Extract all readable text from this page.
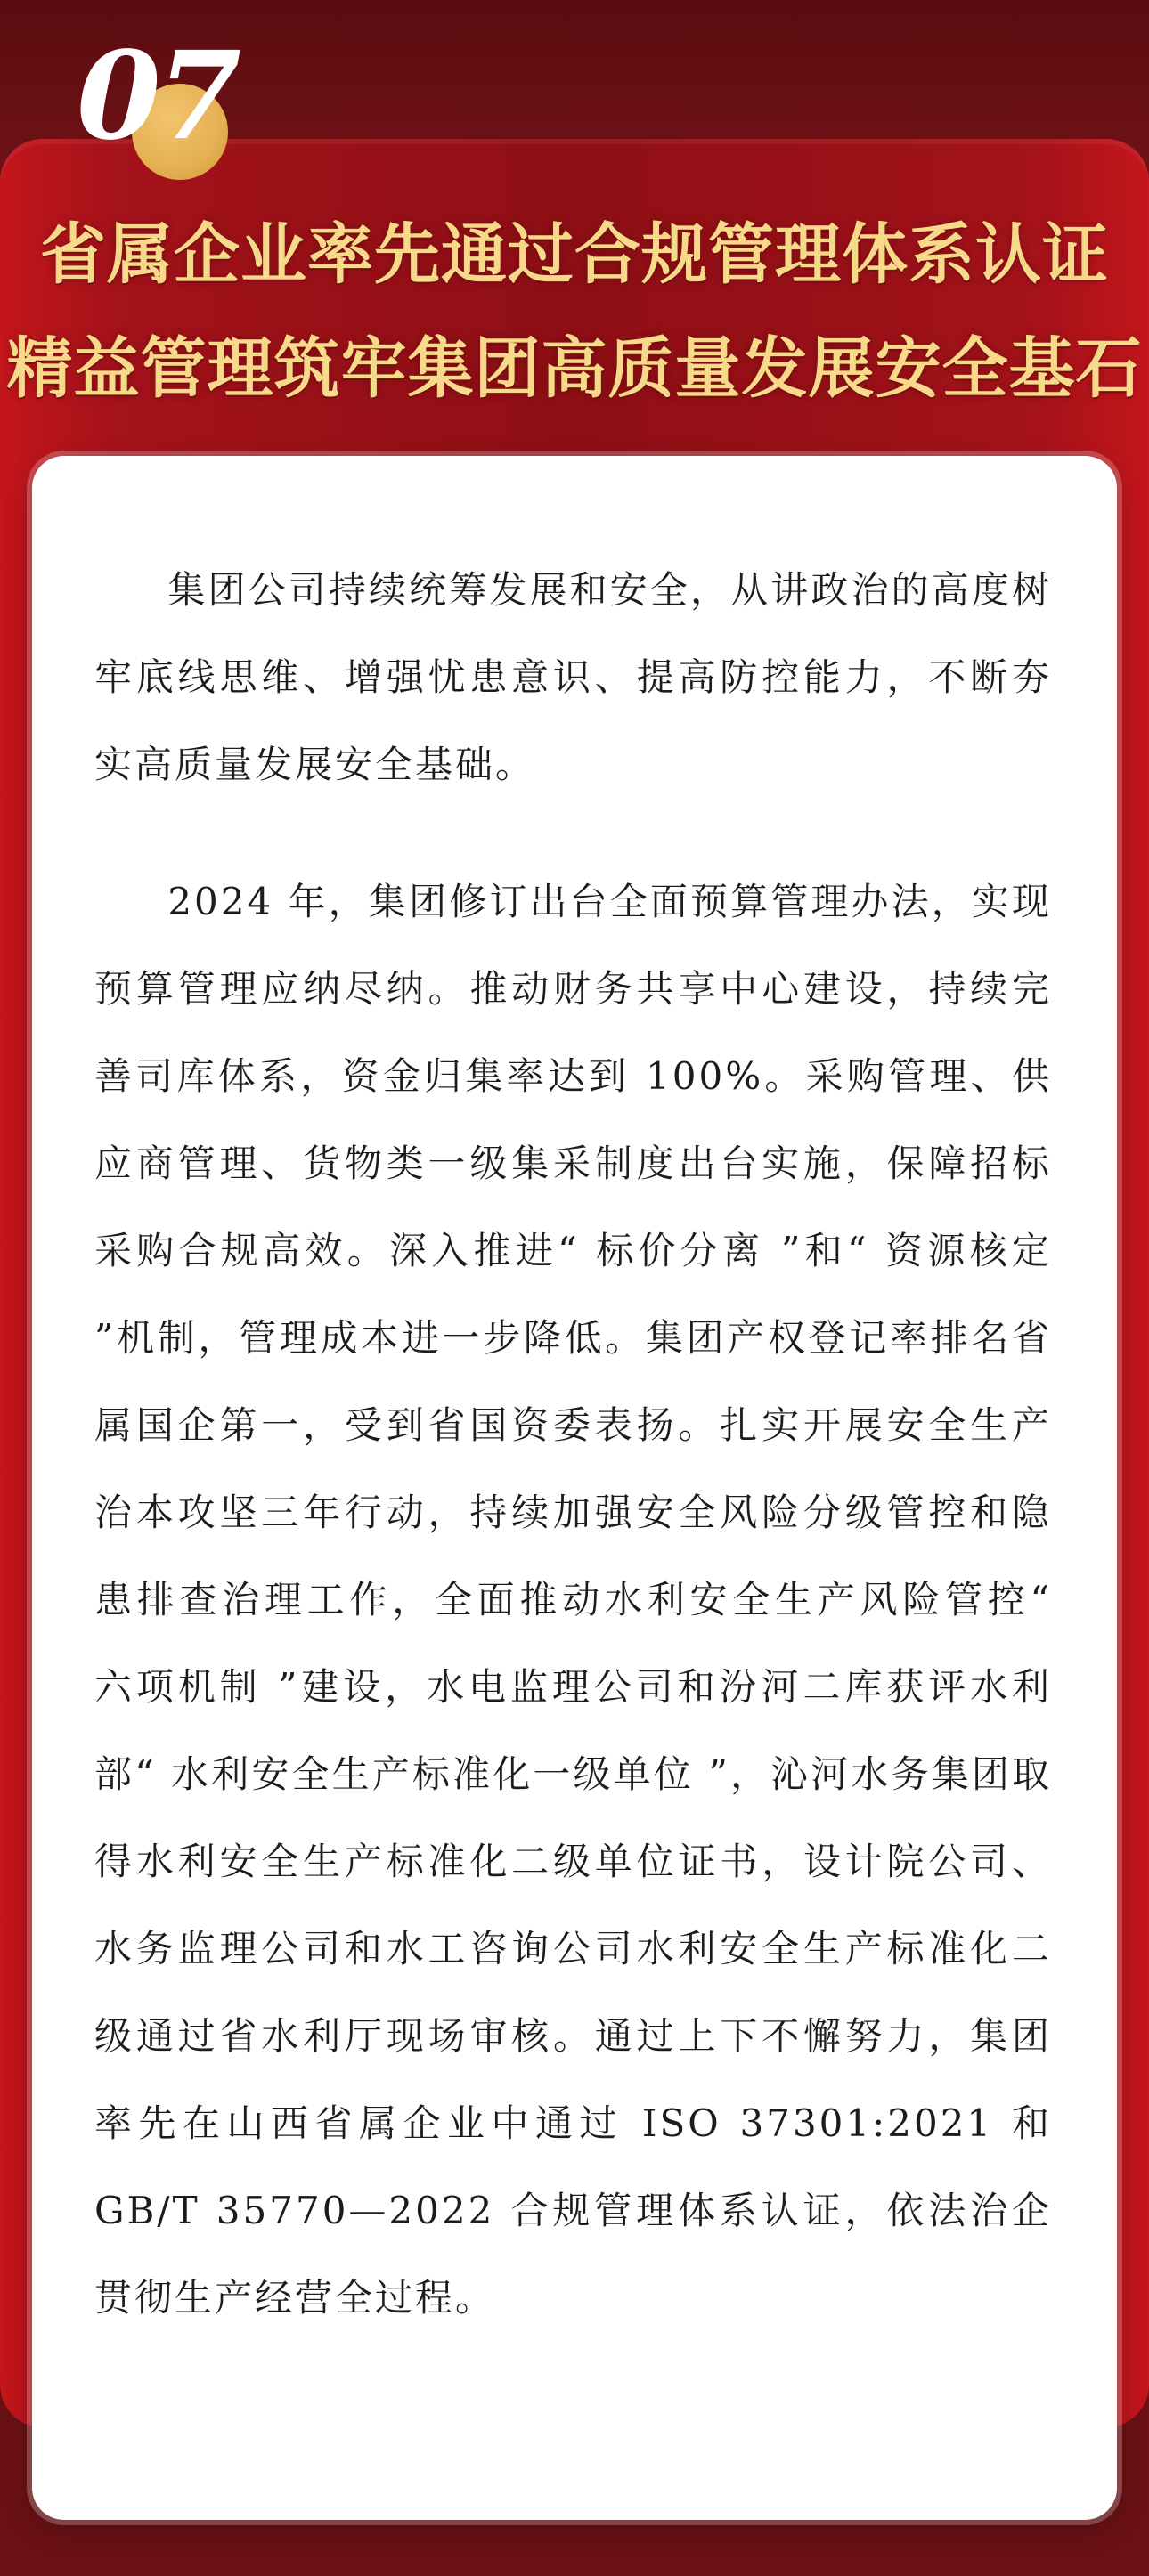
07
省属企业率先通过合规管理体系认证
精益管理筑牢集团高质量发展安全基石

集团公司持续统筹发展和安全，从讲政治的高度树牢底线思维、增强忧患意识、提高防控能力，不断夯实高质量发展安全基础。

2024 年，集团修订出台全面预算管理办法，实现预算管理应纳尽纳。推动财务共享中心建设，持续完善司库体系，资金归集率达到 100%。采购管理、供应商管理、货物类一级集采制度出台实施，保障招标采购合规高效。深入推进“ 标价分离 ”和“ 资源核定 ”机制，管理成本进一步降低。集团产权登记率排名省属国企第一，受到省国资委表扬。扎实开展安全生产治本攻坚三年行动，持续加强安全风险分级管控和隐患排查治理工作，全面推动水利安全生产风险管控“ 六项机制 ”建设，水电监理公司和汾河二库获评水利部“ 水利安全生产标准化一级单位 ”，沁河水务集团取得水利安全生产标准化二级单位证书，设计院公司、水务监理公司和水工咨询公司水利安全生产标准化二级通过省水利厅现场审核。通过上下不懈努力，集团率先在山西省属企业中通过 ISO 37301:2021 和 GB/T 35770—2022 合规管理体系认证，依法治企贯彻生产经营全过程。
